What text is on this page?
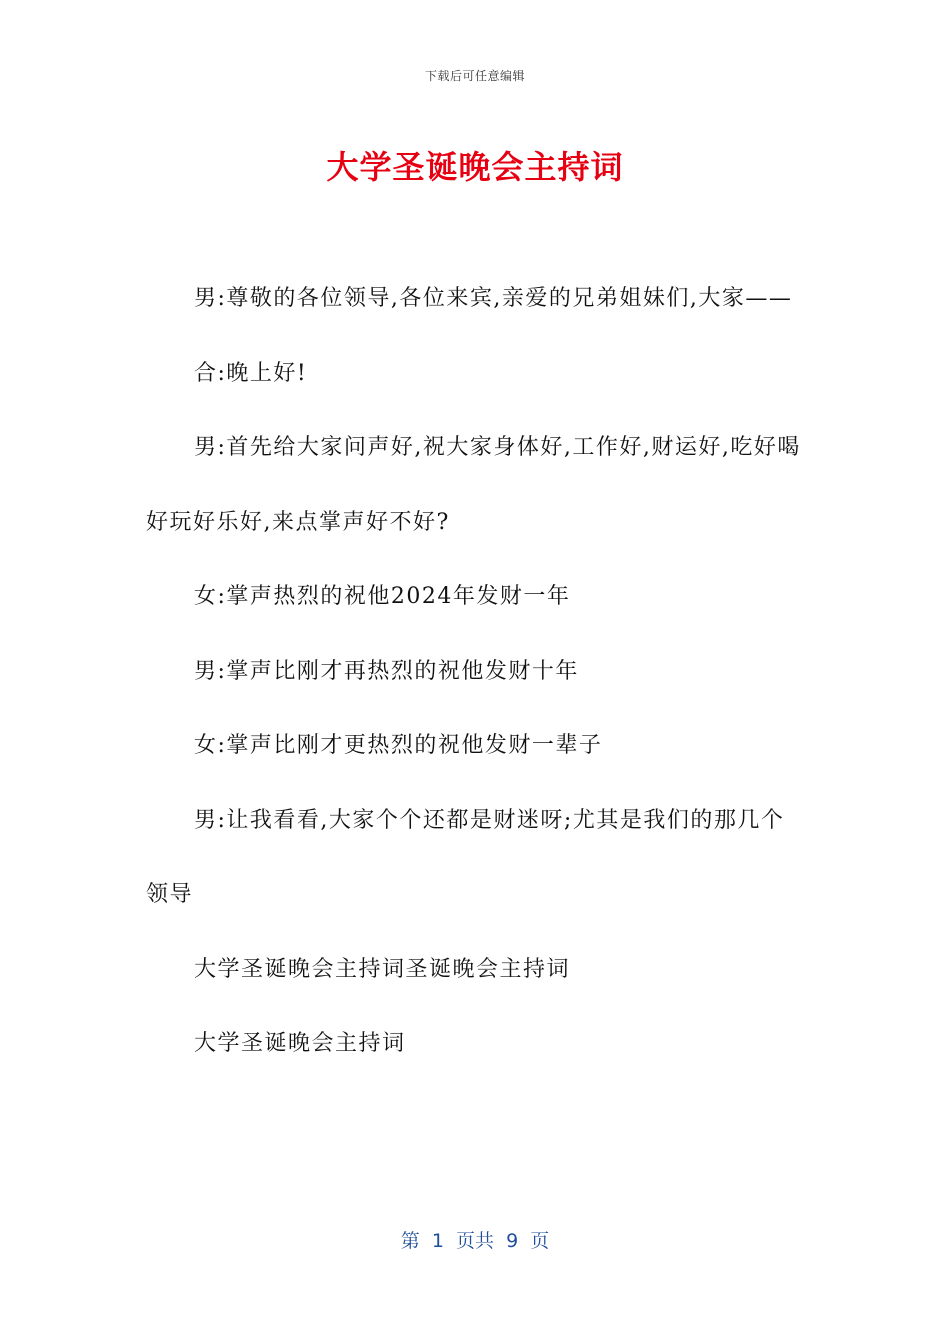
下载后可任意编辑
大学圣诞晚会主持词

男:尊敬的各位领导,各位来宾,亲爱的兄弟姐妹们,大家——

合:晚上好!

男:首先给大家问声好,祝大家身体好,工作好,财运好,吃好喝好玩好乐好,来点掌声好不好?

女:掌声热烈的祝他2024年发财一年

男:掌声比刚才再热烈的祝他发财十年

女:掌声比刚才更热烈的祝他发财一辈子

男:让我看看,大家个个还都是财迷呀;尤其是我们的那几个领导

大学圣诞晚会主持词圣诞晚会主持词

大学圣诞晚会主持词

第  1  页共  9  页
